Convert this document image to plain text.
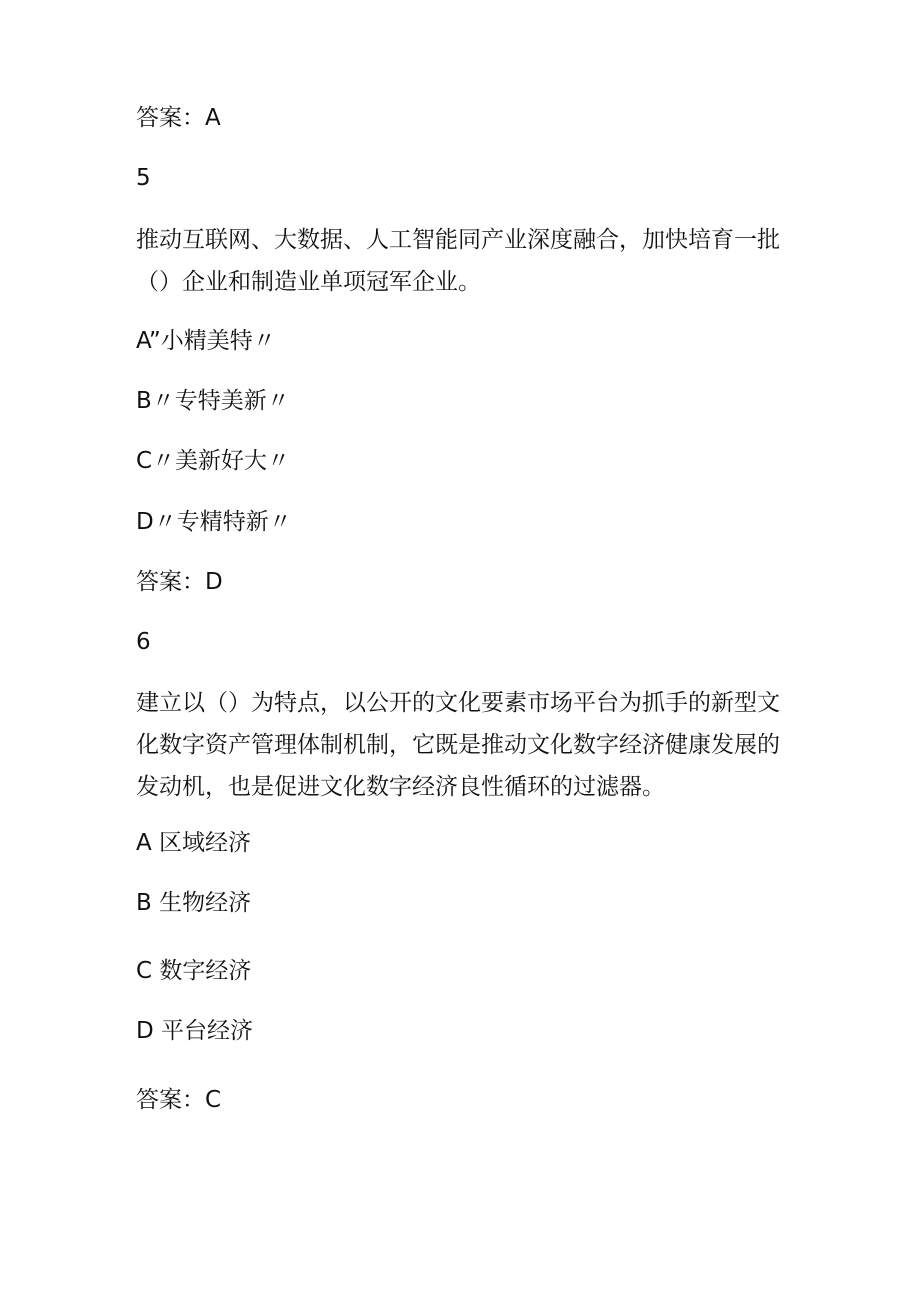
答案：A

5

推动互联网、大数据、人工智能同产业深度融合，加快培育一批
（）企业和制造业单项冠军企业。

A”小精美特〃

B〃专特美新〃

C〃美新好大〃

D〃专精特新〃

答案：D

6

建立以（）为特点，以公开的文化要素市场平台为抓手的新型文
化数字资产管理体制机制，它既是推动文化数字经济健康发展的
发动机，也是促进文化数字经济良性循环的过滤器。

A 区域经济

B 生物经济

C 数字经济

D 平台经济

答案：C
